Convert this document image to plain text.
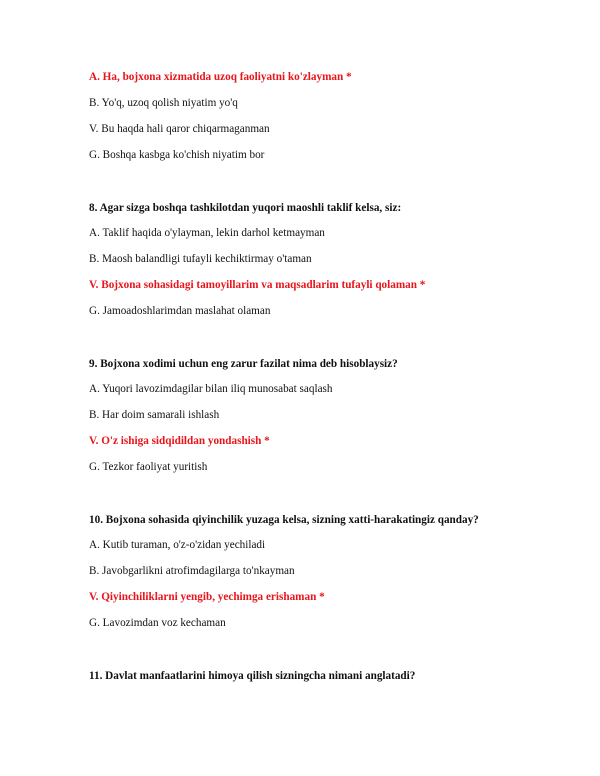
A. Ha, bojxona xizmatida uzoq faoliyatni ko'zlayman *
B. Yo'q, uzoq qolish niyatim yo'q
V. Bu haqda hali qaror chiqarmaganman
G. Boshqa kasbga ko'chish niyatim bor
8. Agar sizga boshqa tashkilotdan yuqori maoshli taklif kelsa, siz:
A. Taklif haqida o'ylayman, lekin darhol ketmayman
B. Maosh balandligi tufayli kechiktirmay o'taman
V. Bojxona sohasidagi tamoyillarim va maqsadlarim tufayli qolaman *
G. Jamoadoshlarimdan maslahat olaman
9. Bojxona xodimi uchun eng zarur fazilat nima deb hisoblaysiz?
A. Yuqori lavozimdagilar bilan iliq munosabat saqlash
B. Har doim samarali ishlash
V. O'z ishiga sidqidildan yondashish *
G. Tezkor faoliyat yuritish
10. Bojxona sohasida qiyinchilik yuzaga kelsa, sizning xatti-harakatingiz qanday?
A. Kutib turaman, o'z-o'zidan yechiladi
B. Javobgarlikni atrofimdagilarga to'nkayman
V. Qiyinchiliklarni yengib, yechimga erishaman *
G. Lavozimdan voz kechaman
11. Davlat manfaatlarini himoya qilish sizningcha nimani anglatadi?
